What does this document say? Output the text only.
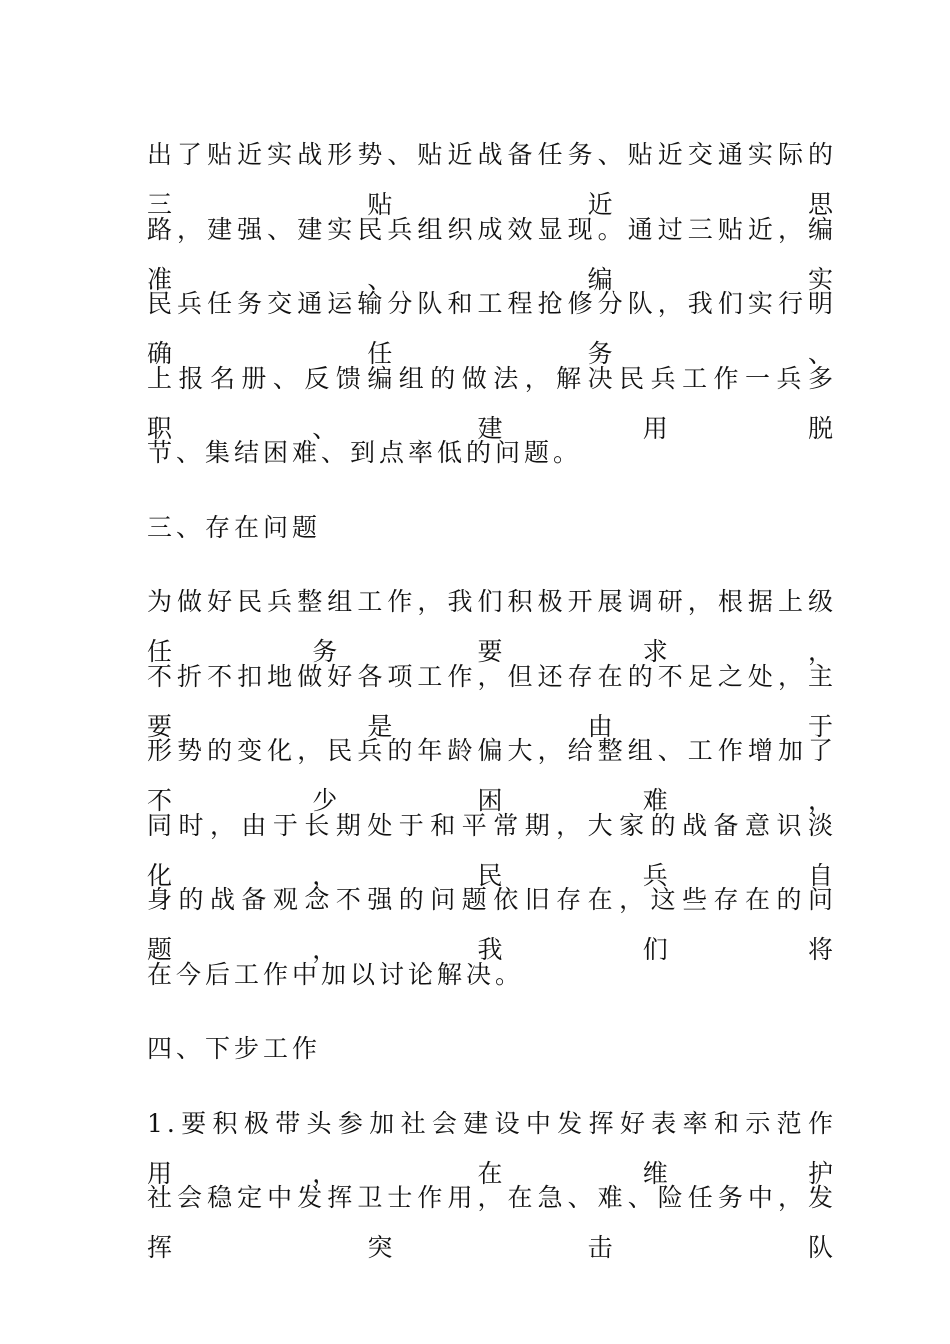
出了贴近实战形势、贴近战备任务、贴近交通实际的三贴近思
路，建强、建实民兵组织成效显现。通过三贴近，编准、编实
民兵任务交通运输分队和工程抢修分队，我们实行明确任务、
上报名册、反馈编组的做法，解决民兵工作一兵多职、建用脱
节、集结困难、到点率低的问题。
三、存在问题
为做好民兵整组工作，我们积极开展调研，根据上级任务要求，
不折不扣地做好各项工作，但还存在的不足之处，主要是由于
形势的变化，民兵的年龄偏大，给整组、工作增加了不少困难，
同时，由于长期处于和平常期，大家的战备意识淡化，民兵自
身的战备观念不强的问题依旧存在，这些存在的问题，我们将
在今后工作中加以讨论解决。
四、下步工作
1.要积极带头参加社会建设中发挥好表率和示范作用，在维护
社会稳定中发挥卫士作用，在急、难、险任务中，发挥突击队
